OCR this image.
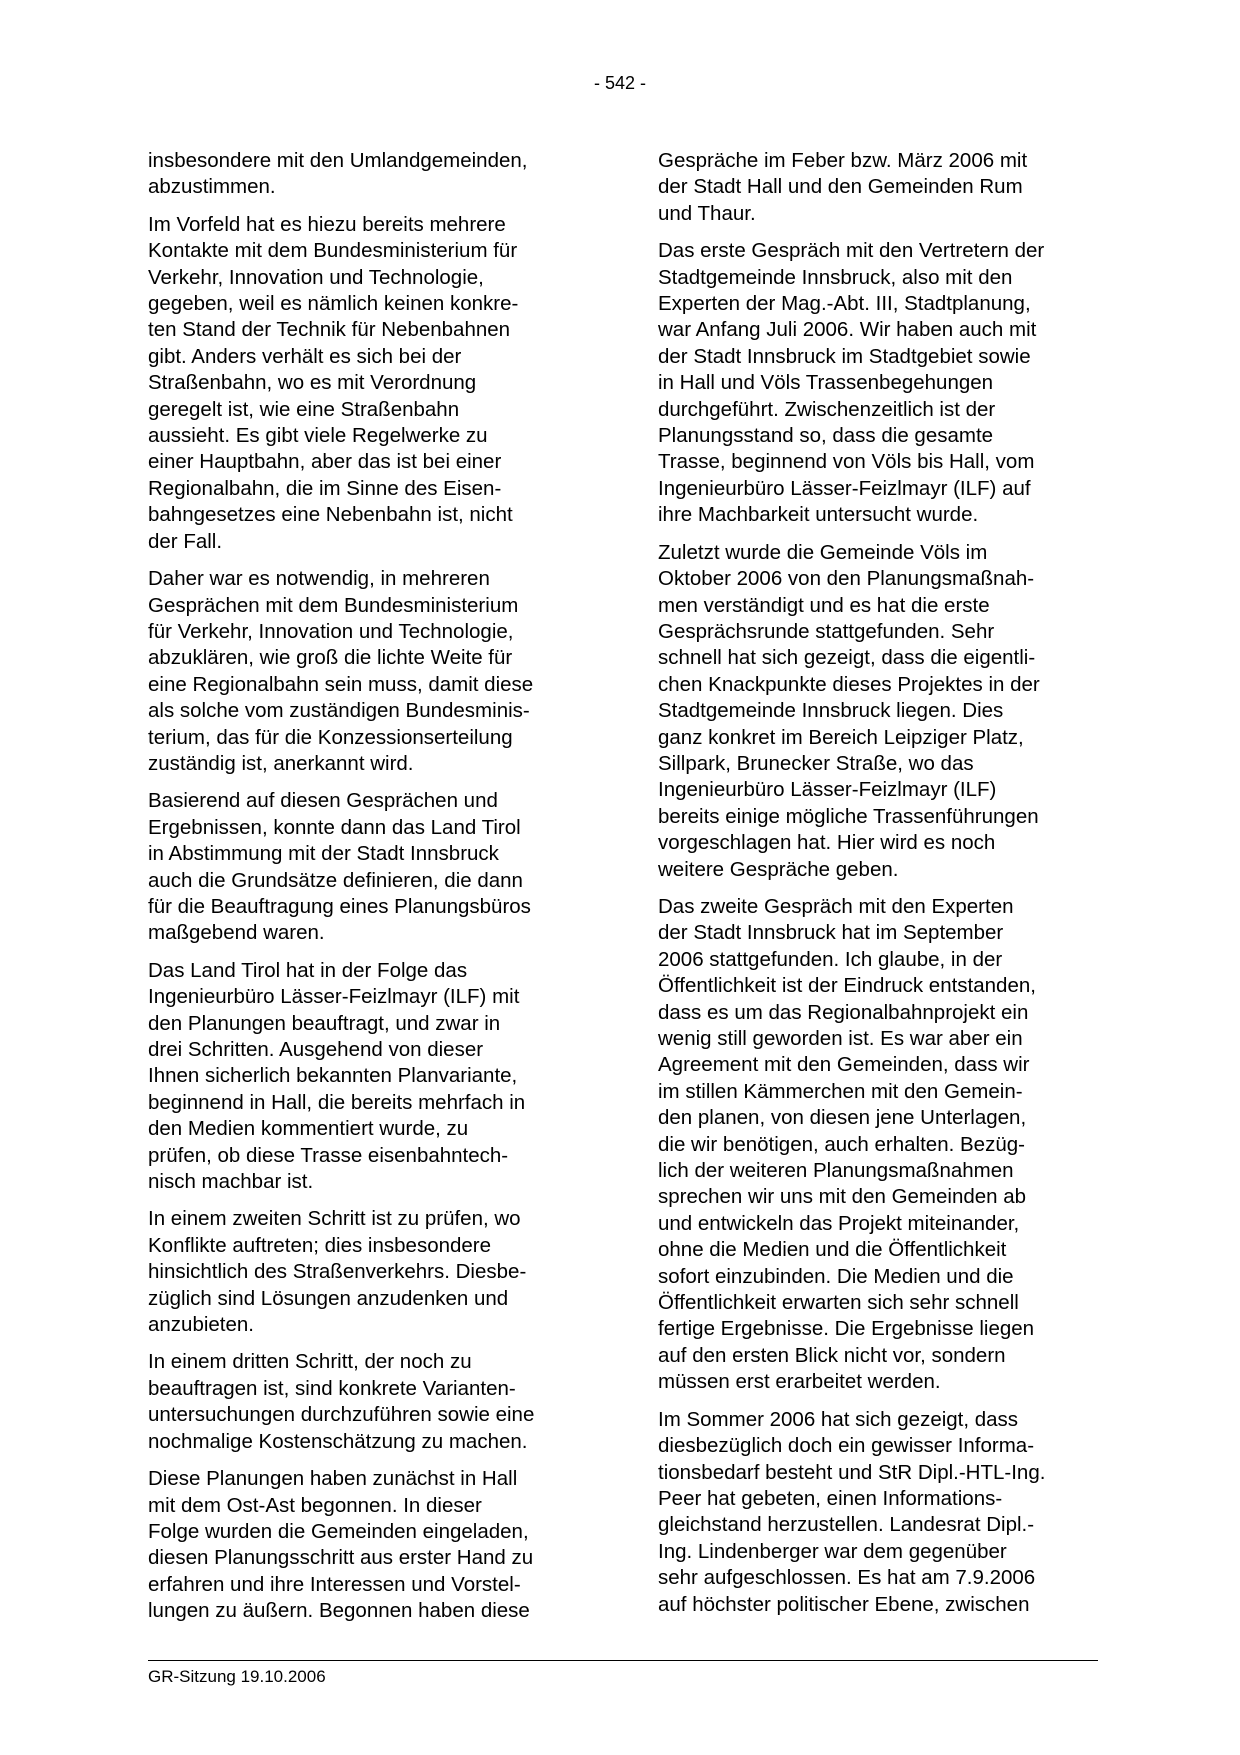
- 542 -

insbesondere mit den Umlandgemeinden,
abzustimmen.

Im Vorfeld hat es hiezu bereits mehrere
Kontakte mit dem Bundesministerium für
Verkehr, Innovation und Technologie,
gegeben, weil es nämlich keinen konkre-
ten Stand der Technik für Nebenbahnen
gibt. Anders verhält es sich bei der
Straßenbahn, wo es mit Verordnung
geregelt ist, wie eine Straßenbahn
aussieht. Es gibt viele Regelwerke zu
einer Hauptbahn, aber das ist bei einer
Regionalbahn, die im Sinne des Eisen-
bahngesetzes eine Nebenbahn ist, nicht
der Fall.

Daher war es notwendig, in mehreren
Gesprächen mit dem Bundesministerium
für Verkehr, Innovation und Technologie,
abzuklären, wie groß die lichte Weite für
eine Regionalbahn sein muss, damit diese
als solche vom zuständigen Bundesminis-
terium, das für die Konzessionserteilung
zuständig ist, anerkannt wird.

Basierend auf diesen Gesprächen und
Ergebnissen, konnte dann das Land Tirol
in Abstimmung mit der Stadt Innsbruck
auch die Grundsätze definieren, die dann
für die Beauftragung eines Planungsbüros
maßgebend waren.

Das Land Tirol hat in der Folge das
Ingenieurbüro Lässer-Feizlmayr (ILF) mit
den Planungen beauftragt, und zwar in
drei Schritten. Ausgehend von dieser
Ihnen sicherlich bekannten Planvariante,
beginnend in Hall, die bereits mehrfach in
den Medien kommentiert wurde, zu
prüfen, ob diese Trasse eisenbahntech-
nisch machbar ist.

In einem zweiten Schritt ist zu prüfen, wo
Konflikte auftreten; dies insbesondere
hinsichtlich des Straßenverkehrs. Diesbe-
züglich sind Lösungen anzudenken und
anzubieten.

In einem dritten Schritt, der noch zu
beauftragen ist, sind konkrete Varianten-
untersuchungen durchzuführen sowie eine
nochmalige Kostenschätzung zu machen.

Diese Planungen haben zunächst in Hall
mit dem Ost-Ast begonnen. In dieser
Folge wurden die Gemeinden eingeladen,
diesen Planungsschritt aus erster Hand zu
erfahren und ihre Interessen und Vorstel-
lungen zu äußern. Begonnen haben diese

Gespräche im Feber bzw. März 2006 mit
der Stadt Hall und den Gemeinden Rum
und Thaur.

Das erste Gespräch mit den Vertretern der
Stadtgemeinde Innsbruck, also mit den
Experten der Mag.-Abt. III, Stadtplanung,
war Anfang Juli 2006. Wir haben auch mit
der Stadt Innsbruck im Stadtgebiet sowie
in Hall und Völs Trassenbegehungen
durchgeführt. Zwischenzeitlich ist der
Planungsstand so, dass die gesamte
Trasse, beginnend von Völs bis Hall, vom
Ingenieurbüro Lässer-Feizlmayr (ILF) auf
ihre Machbarkeit untersucht wurde.

Zuletzt wurde die Gemeinde Völs im
Oktober 2006 von den Planungsmaßnah-
men verständigt und es hat die erste
Gesprächsrunde stattgefunden. Sehr
schnell hat sich gezeigt, dass die eigentli-
chen Knackpunkte dieses Projektes in der
Stadtgemeinde Innsbruck liegen. Dies
ganz konkret im Bereich Leipziger Platz,
Sillpark, Brunecker Straße, wo das
Ingenieurbüro Lässer-Feizlmayr (ILF)
bereits einige mögliche Trassenführungen
vorgeschlagen hat. Hier wird es noch
weitere Gespräche geben.

Das zweite Gespräch mit den Experten
der Stadt Innsbruck hat im September
2006 stattgefunden. Ich glaube, in der
Öffentlichkeit ist der Eindruck entstanden,
dass es um das Regionalbahnprojekt ein
wenig still geworden ist. Es war aber ein
Agreement mit den Gemeinden, dass wir
im stillen Kämmerchen mit den Gemein-
den planen, von diesen jene Unterlagen,
die wir benötigen, auch erhalten. Bezüg-
lich der weiteren Planungsmaßnahmen
sprechen wir uns mit den Gemeinden ab
und entwickeln das Projekt miteinander,
ohne die Medien und die Öffentlichkeit
sofort einzubinden. Die Medien und die
Öffentlichkeit erwarten sich sehr schnell
fertige Ergebnisse. Die Ergebnisse liegen
auf den ersten Blick nicht vor, sondern
müssen erst erarbeitet werden.

Im Sommer 2006 hat sich gezeigt, dass
diesbezüglich doch ein gewisser Informa-
tionsbedarf besteht und StR Dipl.-HTL-Ing.
Peer hat gebeten, einen Informations-
gleichstand herzustellen. Landesrat Dipl.-
Ing. Lindenberger war dem gegenüber
sehr aufgeschlossen. Es hat am 7.9.2006
auf höchster politischer Ebene, zwischen

GR-Sitzung 19.10.2006
